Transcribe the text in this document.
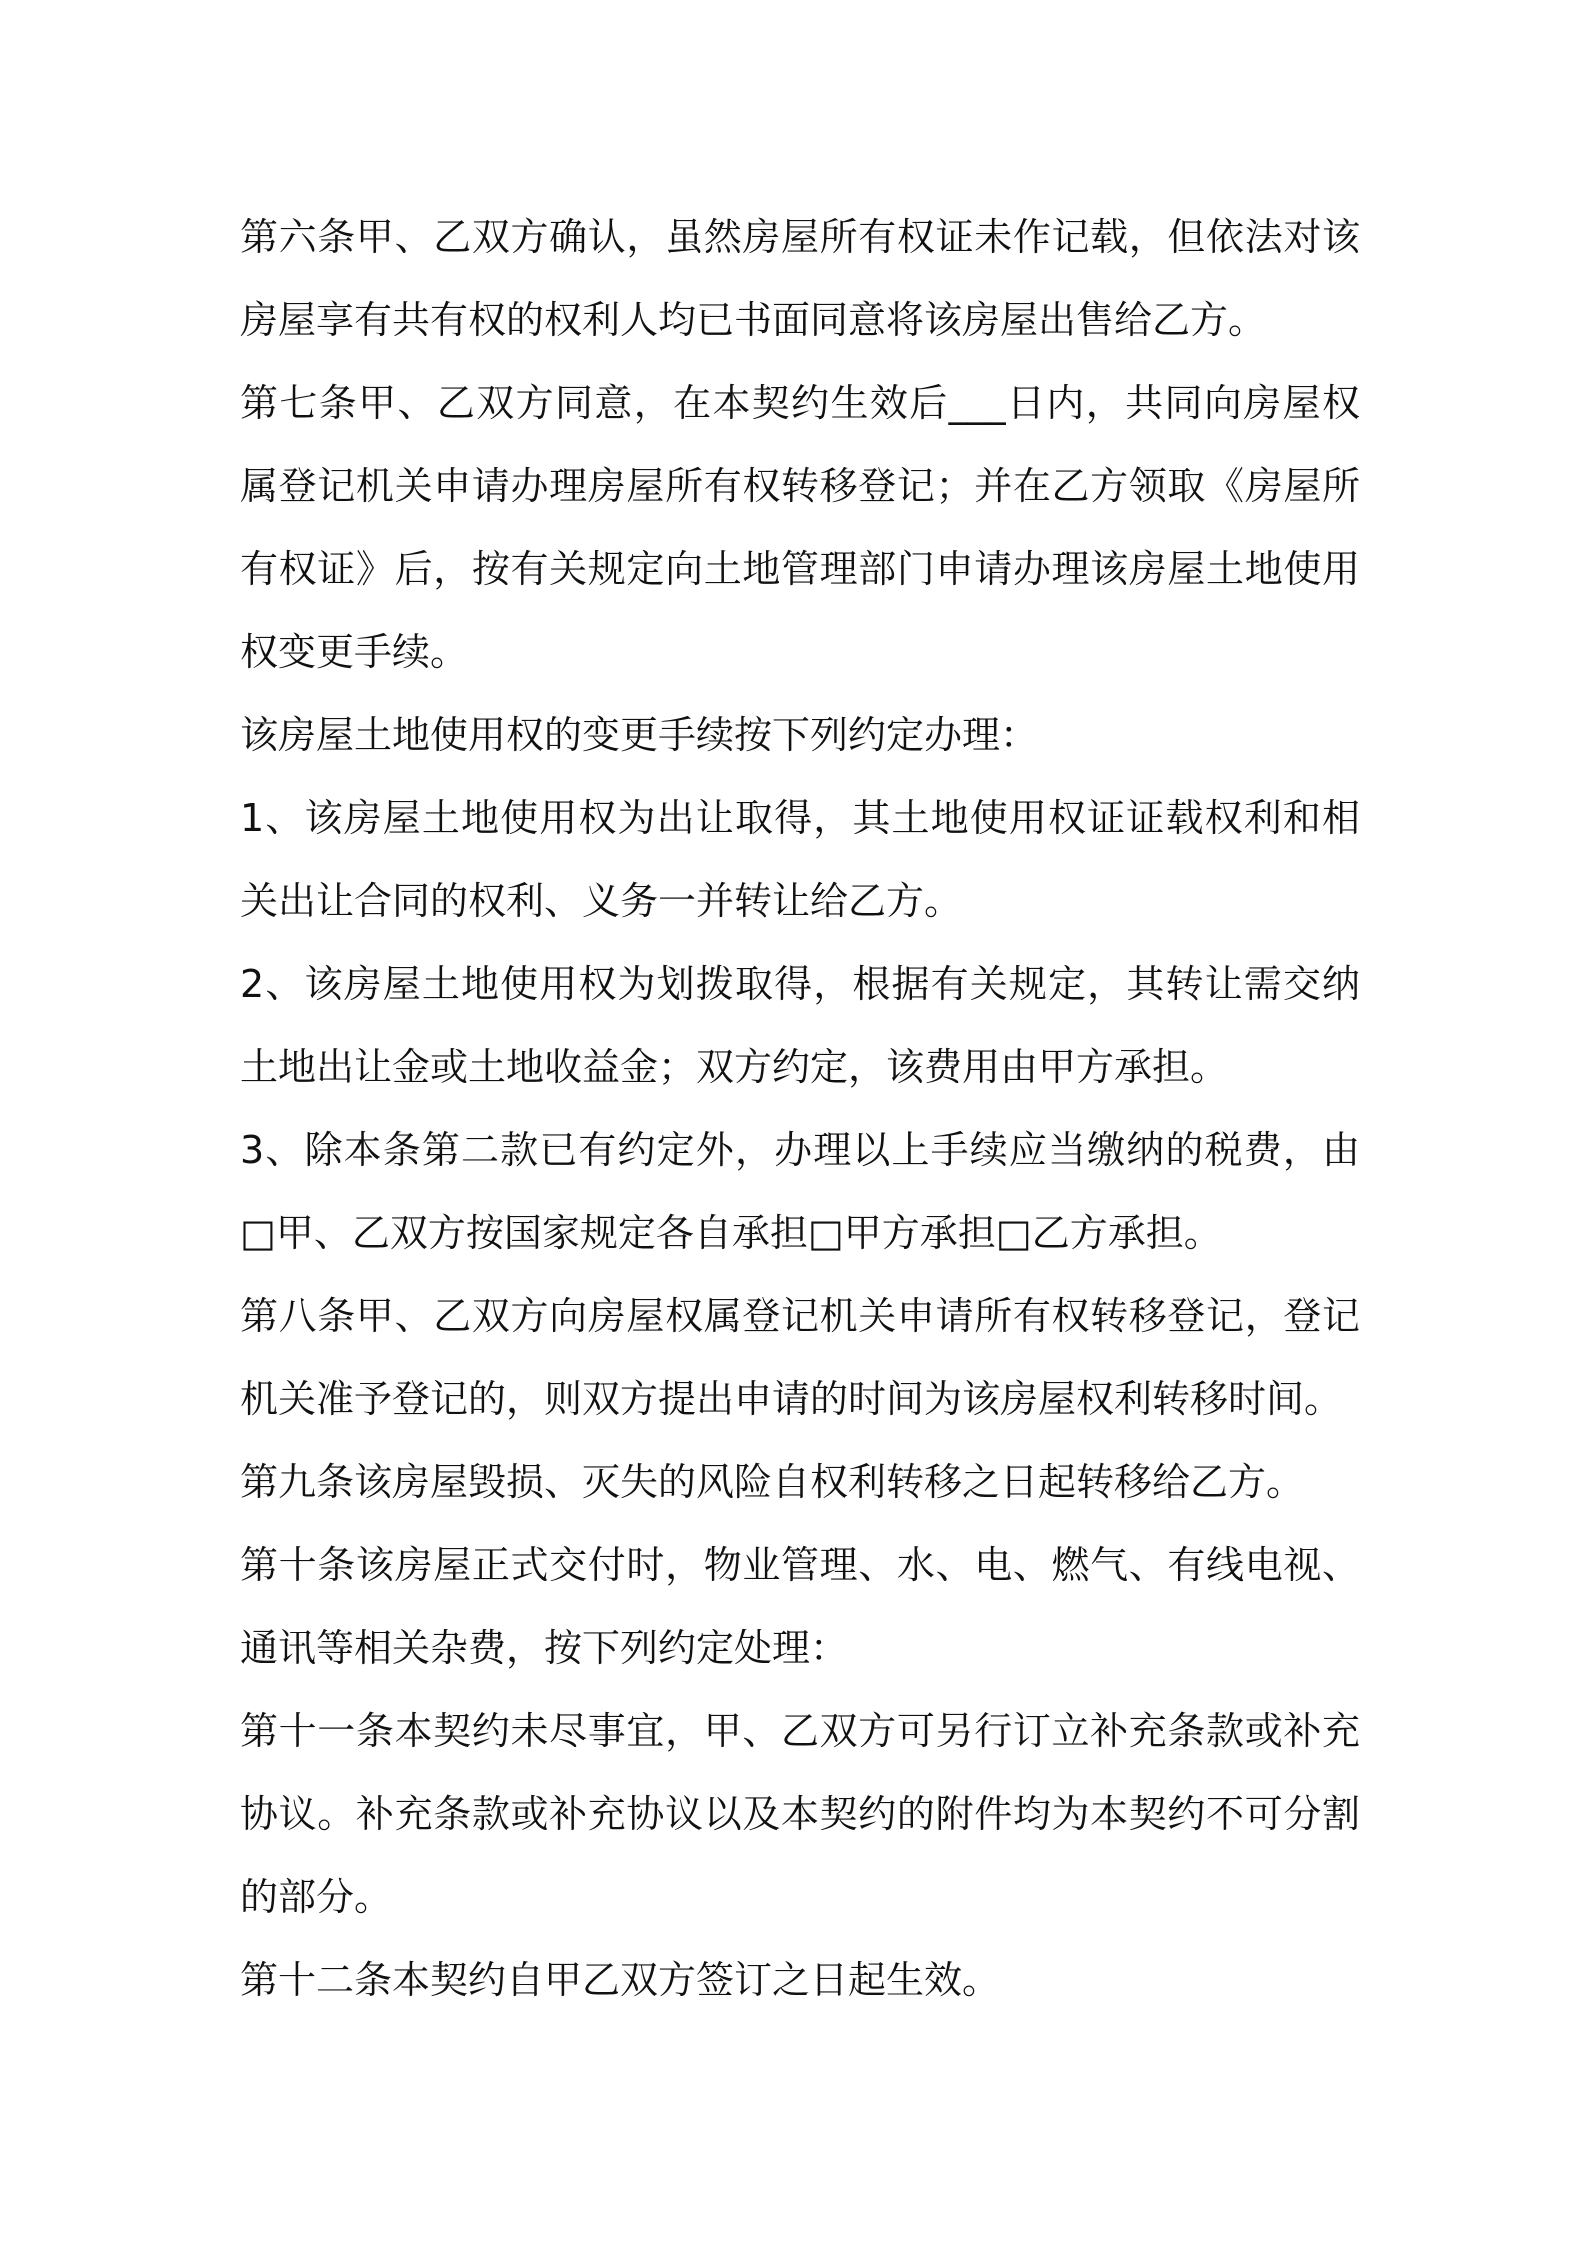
第六条甲、乙双方确认，虽然房屋所有权证未作记载，但依法对该房屋享有共有权的权利人均已书面同意将该房屋出售给乙方。

第七条甲、乙双方同意，在本契约生效后___日内，共同向房屋权属登记机关申请办理房屋所有权转移登记；并在乙方领取《房屋所有权证》后，按有关规定向土地管理部门申请办理该房屋土地使用权变更手续。

该房屋土地使用权的变更手续按下列约定办理：

1、该房屋土地使用权为出让取得，其土地使用权证证载权利和相关出让合同的权利、义务一并转让给乙方。

2、该房屋土地使用权为划拨取得，根据有关规定，其转让需交纳土地出让金或土地收益金；双方约定，该费用由甲方承担。

3、除本条第二款已有约定外，办理以上手续应当缴纳的税费，由□甲、乙双方按国家规定各自承担□甲方承担□乙方承担。

第八条甲、乙双方向房屋权属登记机关申请所有权转移登记，登记机关准予登记的，则双方提出申请的时间为该房屋权利转移时间。

第九条该房屋毁损、灭失的风险自权利转移之日起转移给乙方。

第十条该房屋正式交付时，物业管理、水、电、燃气、有线电视、通讯等相关杂费，按下列约定处理：

第十一条本契约未尽事宜，甲、乙双方可另行订立补充条款或补充协议。补充条款或补充协议以及本契约的附件均为本契约不可分割的部分。

第十二条本契约自甲乙双方签订之日起生效。
